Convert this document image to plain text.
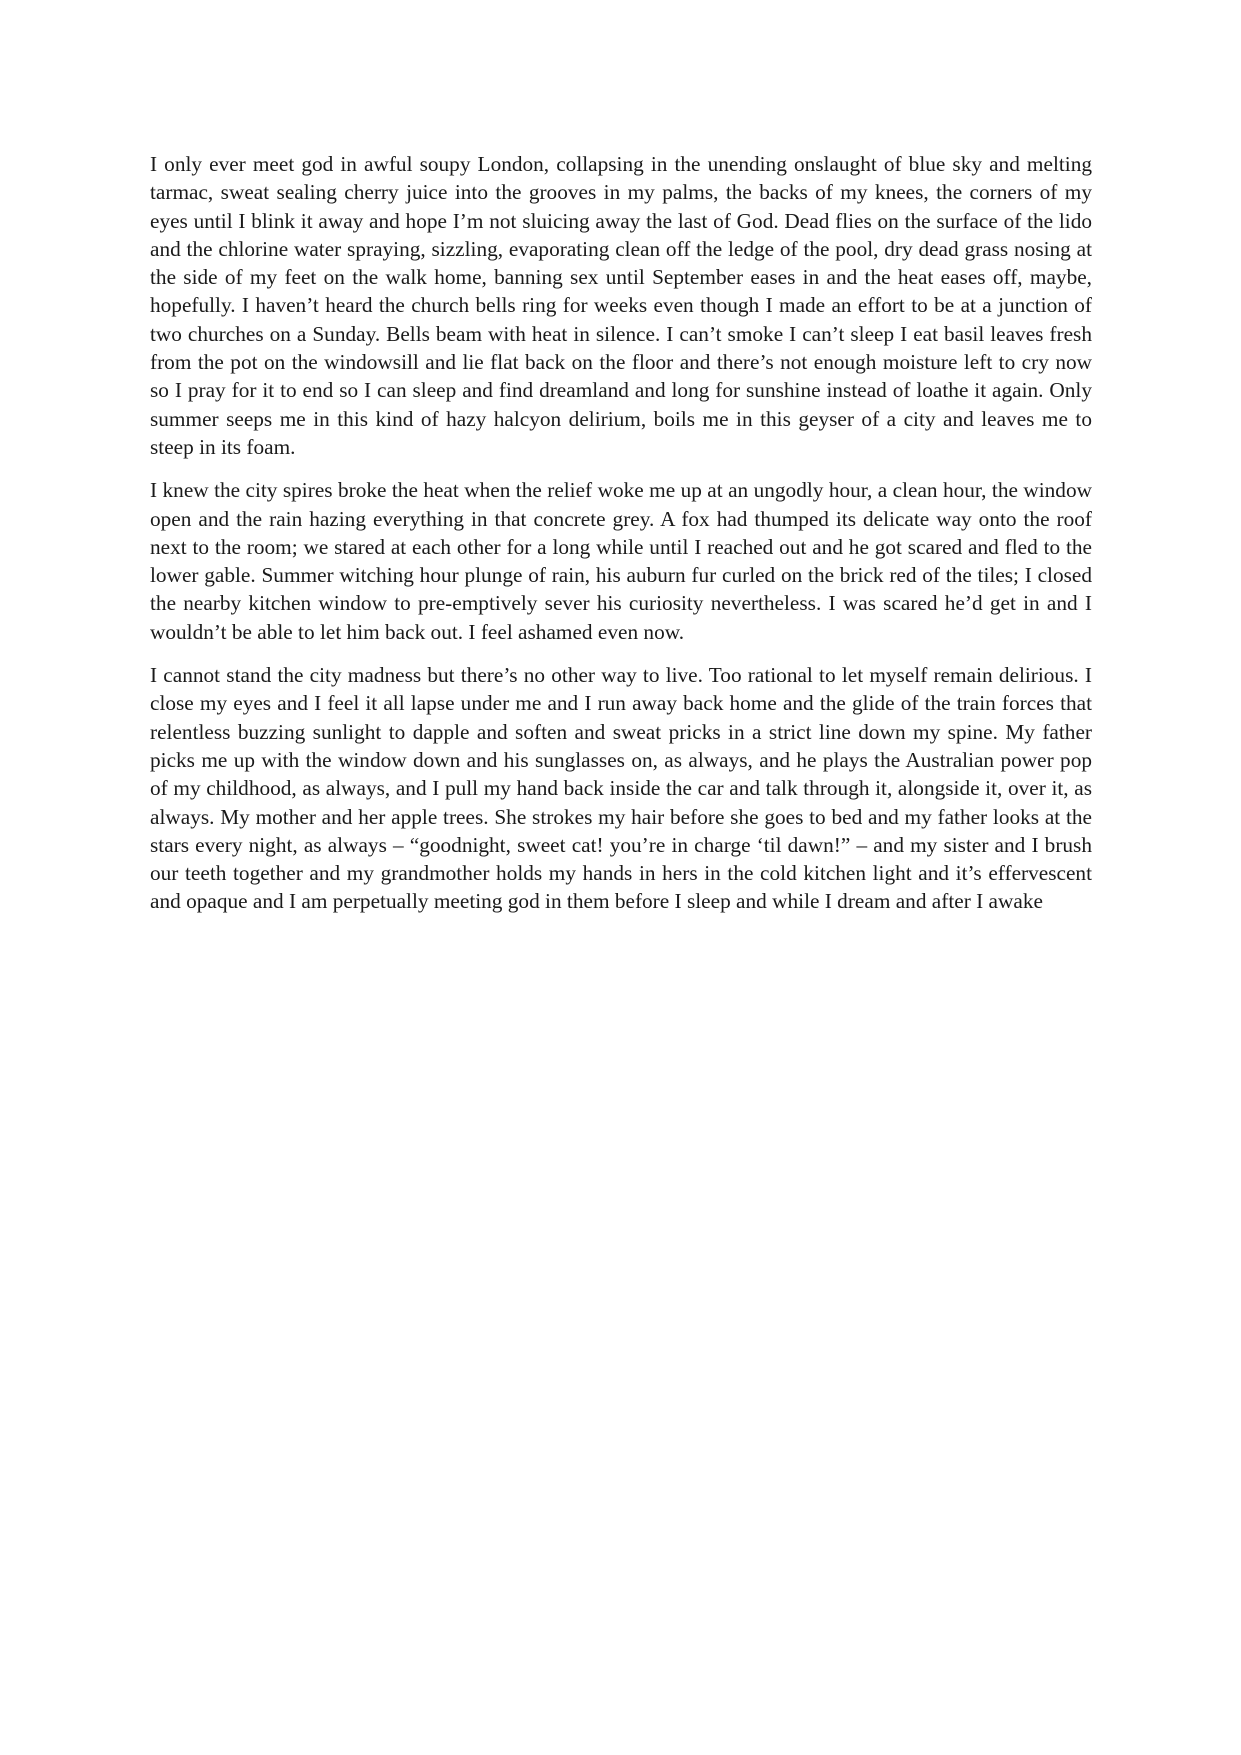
I only ever meet god in awful soupy London, collapsing in the unending onslaught of blue sky and melting tarmac, sweat sealing cherry juice into the grooves in my palms, the backs of my knees, the corners of my eyes until I blink it away and hope I’m not sluicing away the last of God. Dead flies on the surface of the lido and the chlorine water spraying, sizzling, evaporating clean off the ledge of the pool, dry dead grass nosing at the side of my feet on the walk home, banning sex until September eases in and the heat eases off, maybe, hopefully. I haven’t heard the church bells ring for weeks even though I made an effort to be at a junction of two churches on a Sunday. Bells beam with heat in silence. I can’t smoke I can’t sleep I eat basil leaves fresh from the pot on the windowsill and lie flat back on the floor and there’s not enough moisture left to cry now so I pray for it to end so I can sleep and find dreamland and long for sunshine instead of loathe it again. Only summer seeps me in this kind of hazy halcyon delirium, boils me in this geyser of a city and leaves me to steep in its foam.

I knew the city spires broke the heat when the relief woke me up at an ungodly hour, a clean hour, the window open and the rain hazing everything in that concrete grey. A fox had thumped its delicate way onto the roof next to the room; we stared at each other for a long while until I reached out and he got scared and fled to the lower gable. Summer witching hour plunge of rain, his auburn fur curled on the brick red of the tiles; I closed the nearby kitchen window to pre-emptively sever his curiosity nevertheless. I was scared he’d get in and I wouldn’t be able to let him back out. I feel ashamed even now.

I cannot stand the city madness but there’s no other way to live. Too rational to let myself remain delirious. I close my eyes and I feel it all lapse under me and I run away back home and the glide of the train forces that relentless buzzing sunlight to dapple and soften and sweat pricks in a strict line down my spine. My father picks me up with the window down and his sunglasses on, as always, and he plays the Australian power pop of my childhood, as always, and I pull my hand back inside the car and talk through it, alongside it, over it, as always. My mother and her apple trees. She strokes my hair before she goes to bed and my father looks at the stars every night, as always – “goodnight, sweet cat! you’re in charge ‘til dawn!” – and my sister and I brush our teeth together and my grandmother holds my hands in hers in the cold kitchen light and it’s effervescent and opaque and I am perpetually meeting god in them before I sleep and while I dream and after I awake
